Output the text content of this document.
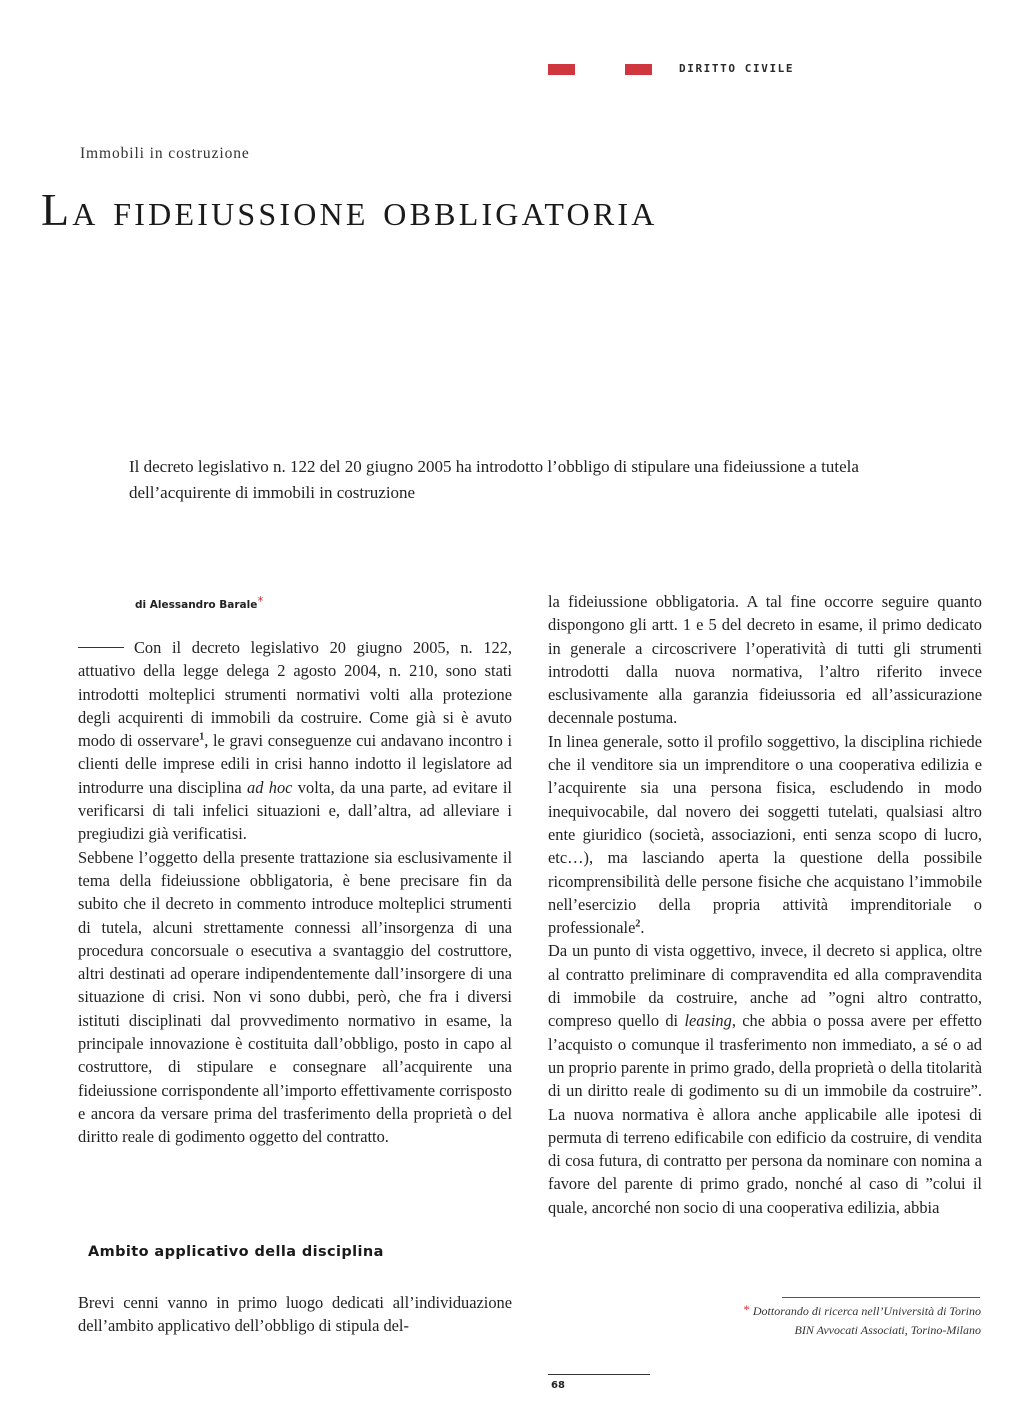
DIRITTO CIVILE
Immobili in costruzione
La fideiussione obbligatoria
Il decreto legislativo n. 122 del 20 giugno 2005 ha introdotto l’obbligo di stipulare una fideiussione a tutela dell’acquirente di immobili in costruzione
di Alessandro Barale*

Con il decreto legislativo 20 giugno 2005, n. 122, attuativo della legge delega 2 agosto 2004, n. 210, sono stati introdotti molteplici strumenti normativi volti alla protezione degli acquirenti di immobili da costruire. Come già si è avuto modo di osservare$^1$, le gravi conseguenze cui andavano incontro i clienti delle imprese edili in crisi hanno indotto il legislatore ad introdurre una disciplina ad hoc volta, da una parte, ad evitare il verificarsi di tali infelici situazioni e, dall’altra, ad alleviare i pregiudizi già verificatisi.

Sebbene l’oggetto della presente trattazione sia esclusivamente il tema della fideiussione obbligatoria, è bene precisare fin da subito che il decreto in commento introduce molteplici strumenti di tutela, alcuni strettamente connessi all’insorgenza di una procedura concorsuale o esecutiva a svantaggio del costruttore, altri destinati ad operare indipendentemente dall’insorgere di una situazione di crisi. Non vi sono dubbi, però, che fra i diversi istituti disciplinati dal provvedimento normativo in esame, la principale innovazione è costituita dall’obbligo, posto in capo al costruttore, di stipulare e consegnare all’acquirente una fideiussione corrispondente all’importo effettivamente corrisposto e ancora da versare prima del trasferimento della proprietà o del diritto reale di godimento oggetto del contratto.

Ambito applicativo della disciplina

Brevi cenni vanno in primo luogo dedicati all’individuazione dell’ambito applicativo dell’obbligo di stipula del-

la fideiussione obbligatoria. A tal fine occorre seguire quanto dispongono gli artt. 1 e 5 del decreto in esame, il primo dedicato in generale a circoscrivere l’operatività di tutti gli strumenti introdotti dalla nuova normativa, l’altro riferito invece esclusivamente alla garanzia fideiussoria ed all’assicurazione decennale postuma.

In linea generale, sotto il profilo soggettivo, la disciplina richiede che il venditore sia un imprenditore o una cooperativa edilizia e l’acquirente sia una persona fisica, escludendo in modo inequivocabile, dal novero dei soggetti tutelati, qualsiasi altro ente giuridico (società, associazioni, enti senza scopo di lucro, etc…), ma lasciando aperta la questione della possibile ricomprensibilità delle persone fisiche che acquistano l’immobile nell’esercizio della propria attività imprenditoriale o professionale$^2$.

Da un punto di vista oggettivo, invece, il decreto si applica, oltre al contratto preliminare di compravendita ed alla compravendita di immobile da costruire, anche ad ”ogni altro contratto, compreso quello di leasing, che abbia o possa avere per effetto l’acquisto o comunque il trasferimento non immediato, a sé o ad un proprio parente in primo grado, della proprietà o della titolarità di un diritto reale di godimento su di un immobile da costruire”. La nuova normativa è allora anche applicabile alle ipotesi di permuta di terreno edificabile con edificio da costruire, di vendita di cosa futura, di contratto per persona da nominare con nomina a favore del parente di primo grado, nonché al caso di ”colui il quale, ancorché non socio di una cooperativa edilizia, abbia

* Dottorando di ricerca nell’Università di Torino
BIN Avvocati Associati, Torino-Milano
68
